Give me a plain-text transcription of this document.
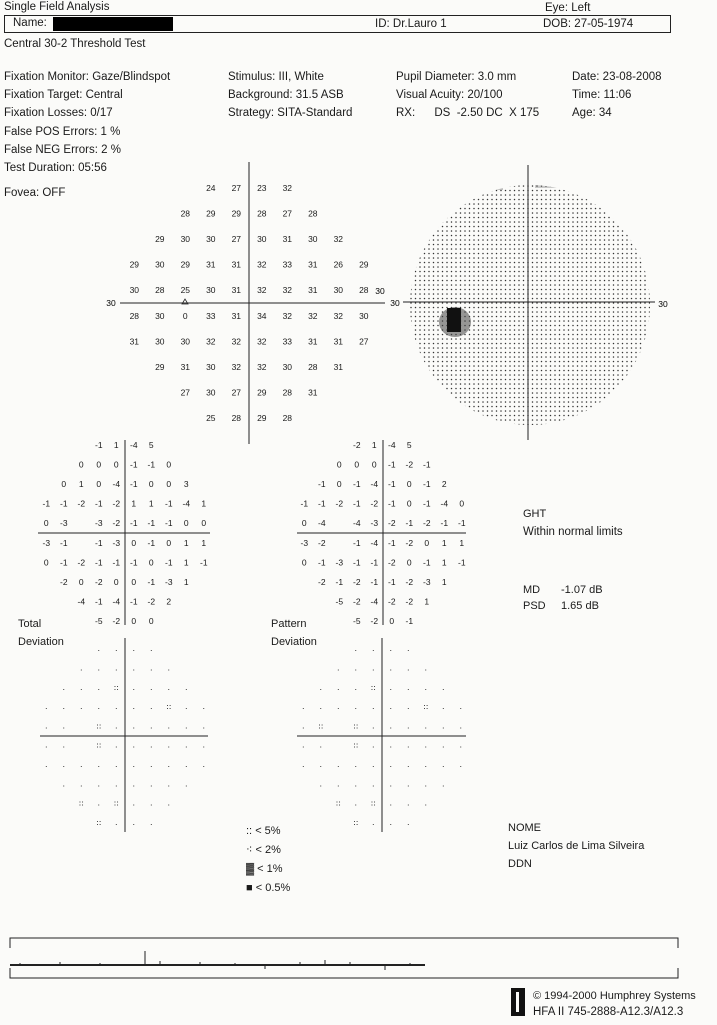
Single Field Analysis	Eye: Left
Name:	ID: Dr.Lauro 1	DOB: 27-05-1974
Central 30-2 Threshold Test
Fixation Monitor: Gaze/Blindspot
Fixation Target: Central
Fixation Losses: 0/17
False POS Errors: 1 %
False NEG Errors: 2 %
Test Duration: 05:56
Fovea: OFF
Stimulus: III, White
Background: 31.5 ASB
Strategy: SITA-Standard
Pupil Diameter: 3.0 mm
Visual Acuity: 20/100
RX:      DS  -2.50 DC  X 175
Date: 23-08-2008
Time: 11:06
Age: 34
24 27 23 32
28 29 29 28 27 28
29 30 30 27 30 31 30 32
29 30 29 31 31 32 33 31 26 29
30 28 25 30 31 32 32 31 30 28
28 30 0 33 31 34 32 32 32 30
31 30 30 32 32 32 33 31 31 27
29 31 30 32 32 30 28 31
27 30 27 29 28 31
25 28 29 28
30
30
30	30
-1 1 -4 5
0 0 0 -1 -1 0
0 1 0 -4 -1 0 0 3
-1 -1 -2 -1 -2 1 1 -1 -4 1
0 -3	-3 -2 -1 -1 -1 0 0
-3 -1	-1 -3 0 -1 0 1 1
0 -1 -2 -1 -1 -1 0 -1 1 -1
-2 0 -2 0 0 -1 -3 1
-4 -1 -4 -1 -2 2
-5 -2 0 0
-2 1 -4 5
0 0 0 -1 -2 -1
-1 0 -1 -4 -1 0 -1 2
-1 -1 -2 -1 -2 -1 0 -1 -4 0
0 -4	-4 -3 -2 -1 -2 -1 -1
-3 -2	-1 -4 -1 -2 0 1 1
0 -1 -3 -1 -1 -2 0 -1 1 -1
-2 -1 -2 -1 -1 -2 -3 1
-5 -2 -4 -2 -2 1
-5 -2 0 -1
. . . .
. . . . . .
. . . :: . . . .
. . . . . . . :: . .
. .	:: . . . . . .
. .	:: . . . . . .
. . . . . . . . . .
. . . . . . . .
:: . :: . . .
:: . . .
. . . .
. . . . . .
. . . :: . . . .
. . . . . . . :: . .
. ::	:: . . . . . .
. .	:: . . . . . .
. . . . . . . . . .
. . . . . . . .
:: . :: . . .
:: . . .
Total
Deviation
Pattern
Deviation
GHT
Within normal limits
MD -1.07 dB
PSD 1.65 dB
:: < 5%
⁖ < 2%
▓ < 1%
■ < 0.5%
NOME
Luiz Carlos de Lima Silveira
DDN
© 1994-2000 Humphrey Systems
HFA II 745-2888-A12.3/A12.3
